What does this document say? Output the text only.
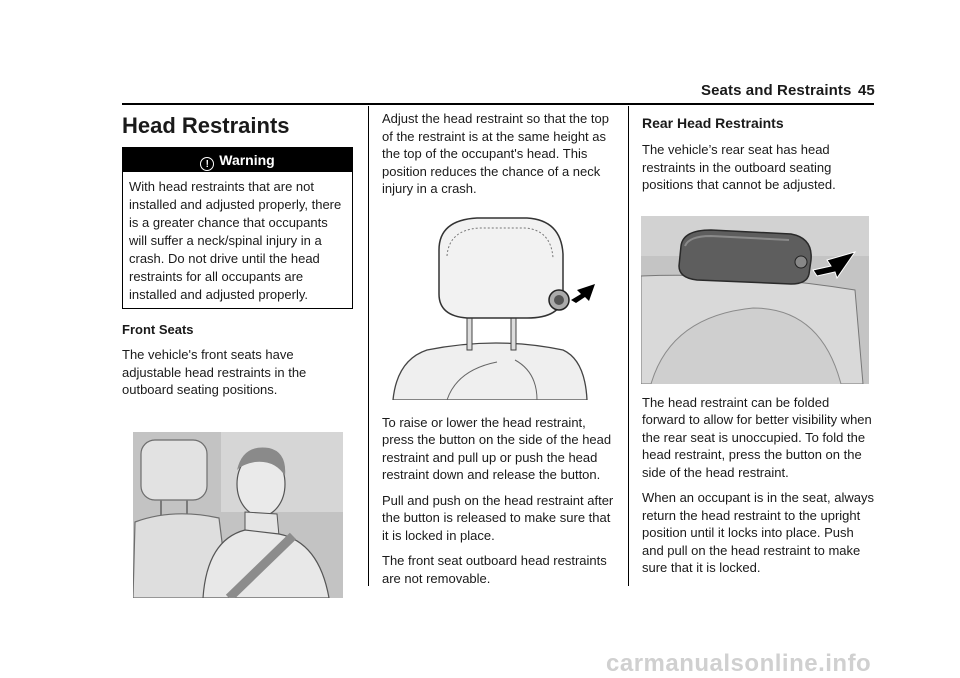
Seats and Restraints 45
Head Restraints
! Warning
With head restraints that are not installed and adjusted properly, there is a greater chance that occupants will suffer a neck/spinal injury in a crash. Do not drive until the head restraints for all occupants are installed and adjusted properly.
Front Seats

The vehicle's front seats have adjustable head restraints in the outboard seating positions.

Adjust the head restraint so that the top of the restraint is at the same height as the top of the occupant's head. This position reduces the chance of a neck injury in a crash.

To raise or lower the head restraint, press the button on the side of the head restraint and pull up or push the head restraint down and release the button.

Pull and push on the head restraint after the button is released to make sure that it is locked in place.

The front seat outboard head restraints are not removable.

Rear Head Restraints

The vehicle’s rear seat has head restraints in the outboard seating positions that cannot be adjusted.

The head restraint can be folded forward to allow for better visibility when the rear seat is unoccupied. To fold the head restraint, press the button on the side of the head restraint.

When an occupant is in the seat, always return the head restraint to the upright position until it locks into place. Push and pull on the head restraint to make sure that it is locked.

carmanualsonline.info
